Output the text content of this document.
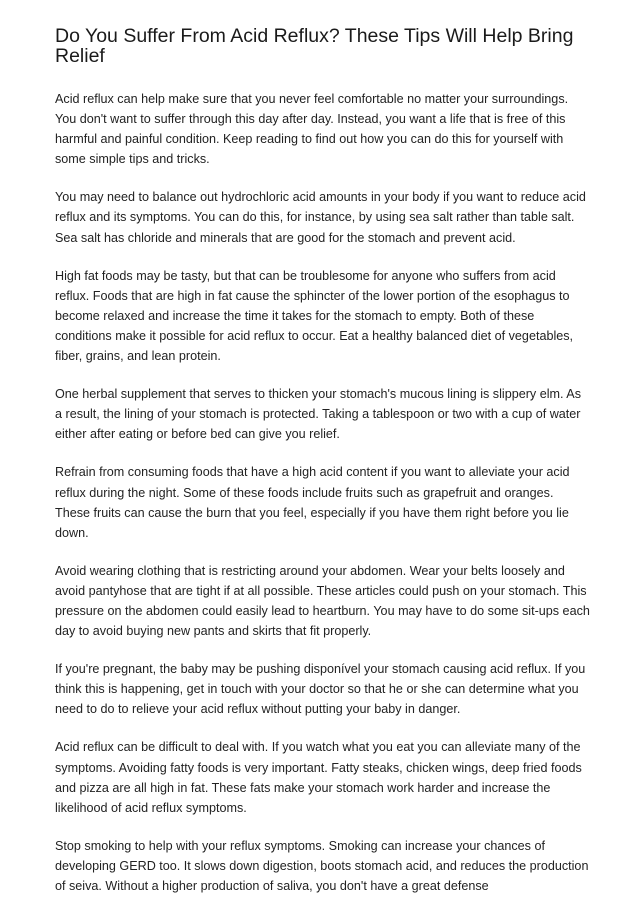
Do You Suffer From Acid Reflux? These Tips Will Help Bring Relief

Acid reflux can help make sure that you never feel comfortable no matter your surroundings. You don't want to suffer through this day after day. Instead, you want a life that is free of this harmful and painful condition. Keep reading to find out how you can do this for yourself with some simple tips and tricks.

You may need to balance out hydrochloric acid amounts in your body if you want to reduce acid reflux and its symptoms. You can do this, for instance, by using sea salt rather than table salt. Sea salt has chloride and minerals that are good for the stomach and prevent acid.

High fat foods may be tasty, but that can be troublesome for anyone who suffers from acid reflux. Foods that are high in fat cause the sphincter of the lower portion of the esophagus to become relaxed and increase the time it takes for the stomach to empty. Both of these conditions make it possible for acid reflux to occur. Eat a healthy balanced diet of vegetables, fiber, grains, and lean protein.

One herbal supplement that serves to thicken your stomach's mucous lining is slippery elm. As a result, the lining of your stomach is protected. Taking a tablespoon or two with a cup of water either after eating or before bed can give you relief.

Refrain from consuming foods that have a high acid content if you want to alleviate your acid reflux during the night. Some of these foods include fruits such as grapefruit and oranges. These fruits can cause the burn that you feel, especially if you have them right before you lie down.

Avoid wearing clothing that is restricting around your abdomen. Wear your belts loosely and avoid pantyhose that are tight if at all possible. These articles could push on your stomach. This pressure on the abdomen could easily lead to heartburn. You may have to do some sit-ups each day to avoid buying new pants and skirts that fit properly.

If you're pregnant, the baby may be pushing disponível your stomach causing acid reflux. If you think this is happening, get in touch with your doctor so that he or she can determine what you need to do to relieve your acid reflux without putting your baby in danger.

Acid reflux can be difficult to deal with. If you watch what you eat you can alleviate many of the symptoms. Avoiding fatty foods is very important. Fatty steaks, chicken wings, deep fried foods and pizza are all high in fat. These fats make your stomach work harder and increase the likelihood of acid reflux symptoms.

Stop smoking to help with your reflux symptoms. Smoking can increase your chances of developing GERD too. It slows down digestion, boots stomach acid, and reduces the production of seiva. Without a higher production of saliva, you don't have a great defense
